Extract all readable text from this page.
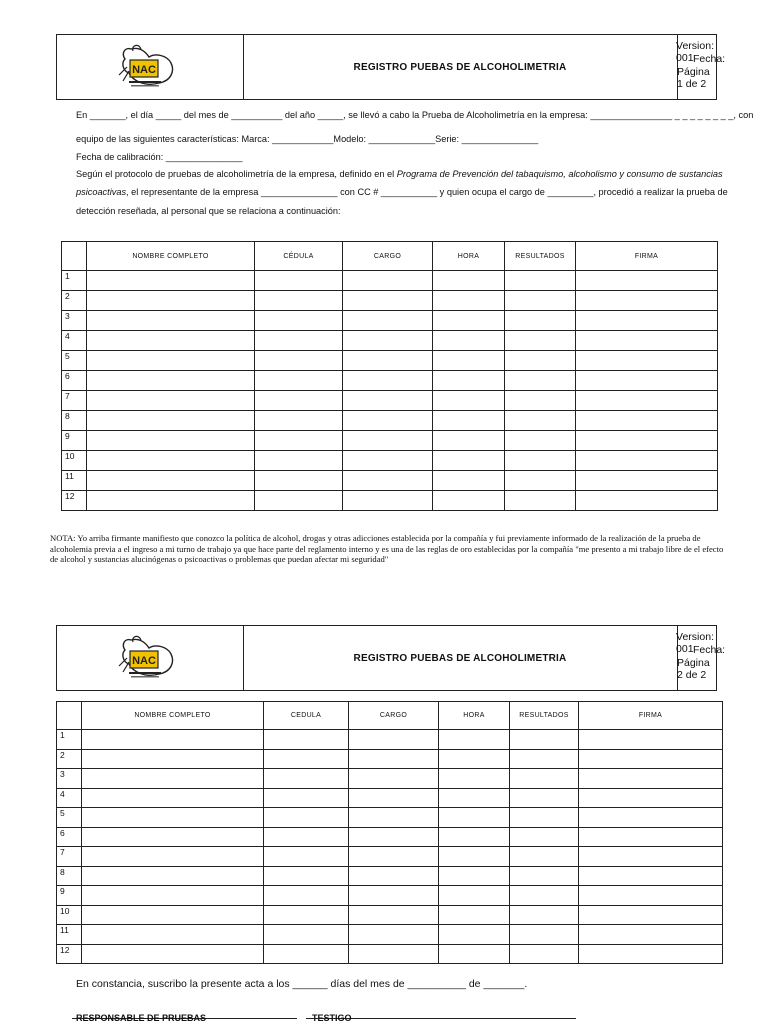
NAC	REGISTRO PUEBAS DE ALCOHOLIMETRIA
Version: 001 Fecha:
Página 1 de 2
En _______, el día _____ del mes de __________ del año _____, se llevó a cabo la Prueba de Alcoholimetría en la empresa: ________________ _ _ _ _ _ _ _ _, con
equipo de las siguientes características: Marca: ____________Modelo: _____________Serie: _______________
Fecha de calibración: _______________
Según el protocolo de pruebas de alcoholimetría de la empresa, definido en el Programa de Prevención del tabaquismo, alcoholismo y consumo de sustancias
psicoactivas, el representante de la empresa _______________ con CC # ___________ y quien ocupa el cargo de _________, procedió a realizar la prueba de
detección reseñada, al personal que se relaciona a continuación:
	NOMBRE COMPLETO	CÉDULA	CARGO	HORA	RESULTADOS	FIRMA
1						
2						
3						
4						
5						
6						
7						
8						
9						
10						
11						
12						
NOTA: Yo arriba firmante manifiesto que conozco la política de alcohol, drogas y otras adicciones establecida por la compañía y fui previamente informado de la realización de la prueba de alcoholemia previa a el ingreso a mi turno de trabajo ya que hace parte del reglamento interno y es una de las reglas de oro establecidas por la compañía "me presento a mi trabajo libre de el efecto de alcohol y sustancias alucinógenas o psicoactivas o problemas que puedan afectar mi seguridad"
NAC	REGISTRO PUEBAS DE ALCOHOLIMETRIA
Version: 001 Fecha:
Página 2 de 2
	NOMBRE COMPLETO	CEDULA	CARGO	HORA	RESULTADOS	FIRMA
1						
2						
3						
4						
5						
6						
7						
8						
9						
10						
11						
12						
En constancia, suscribo la presente acta a los ______ días del mes de __________ de _______.
RESPONSABLE DE PRUEBAS	TESTIGO
